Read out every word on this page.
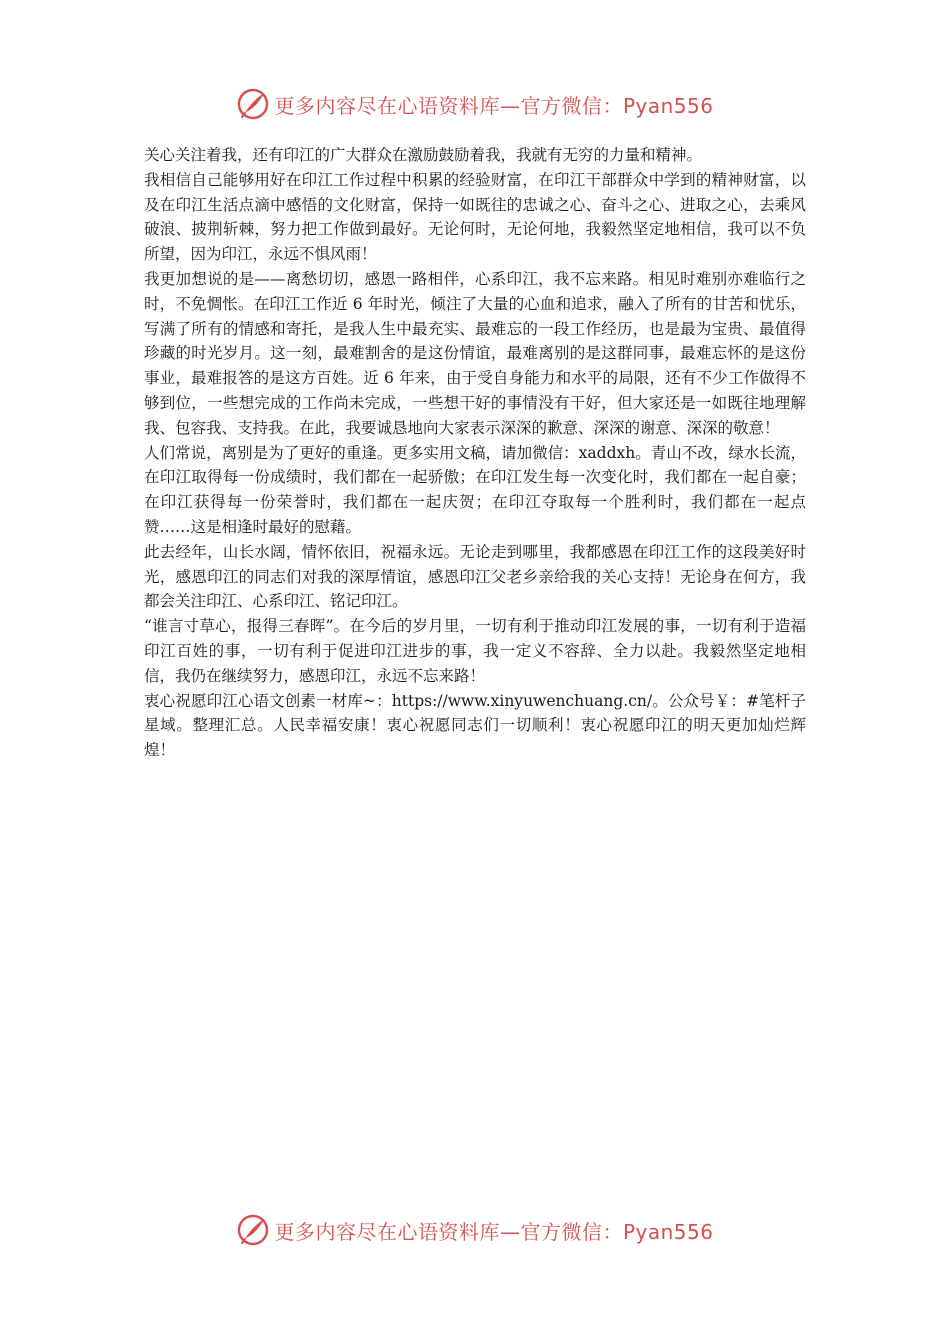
更多内容尽在心语资料库—官方微信：Pyan556

关心关注着我，还有印江的广大群众在激励鼓励着我，我就有无穷的力量和精神。

我相信自己能够用好在印江工作过程中积累的经验财富，在印江干部群众中学到的精神财富，以及在印江生活点滴中感悟的文化财富，保持一如既往的忠诚之心、奋斗之心、进取之心，去乘风破浪、披荆斩棘，努力把工作做到最好。无论何时，无论何地，我毅然坚定地相信，我可以不负所望，因为印江，永远不惧风雨！

我更加想说的是——离愁切切，感恩一路相伴，心系印江，我不忘来路。相见时难别亦难临行之时，不免惆怅。在印江工作近 6 年时光，倾注了大量的心血和追求，融入了所有的甘苦和忧乐，写满了所有的情感和寄托，是我人生中最充实、最难忘的一段工作经历，也是最为宝贵、最值得珍藏的时光岁月。这一刻，最难割舍的是这份情谊，最难离别的是这群同事，最难忘怀的是这份事业，最难报答的是这方百姓。近 6 年来，由于受自身能力和水平的局限，还有不少工作做得不够到位，一些想完成的工作尚未完成，一些想干好的事情没有干好，但大家还是一如既往地理解我、包容我、支持我。在此，我要诚恳地向大家表示深深的歉意、深深的谢意、深深的敬意！

人们常说，离别是为了更好的重逢。更多实用文稿，请加微信：xaddxh。青山不改，绿水长流，在印江取得每一份成绩时，我们都在一起骄傲；在印江发生每一次变化时，我们都在一起自豪；在印江获得每一份荣誉时，我们都在一起庆贺；在印江夺取每一个胜利时，我们都在一起点赞……这是相逢时最好的慰藉。

此去经年，山长水阔，情怀依旧，祝福永远。无论走到哪里，我都感恩在印江工作的这段美好时光，感恩印江的同志们对我的深厚情谊，感恩印江父老乡亲给我的关心支持！无论身在何方，我都会关注印江、心系印江、铭记印江。

“谁言寸草心，报得三春晖”。在今后的岁月里，一切有利于推动印江发展的事，一切有利于造福印江百姓的事，一切有利于促进印江进步的事，我一定义不容辞、全力以赴。我毅然坚定地相信，我仍在继续努力，感恩印江，永远不忘来路！

衷心祝愿印江心语文创素一材库~：https://www.xinyuwenchuang.cn/。公众号￥：#笔杆子星域。整理汇总。人民幸福安康！衷心祝愿同志们一切顺利！衷心祝愿印江的明天更加灿烂辉煌！

更多内容尽在心语资料库—官方微信：Pyan556
